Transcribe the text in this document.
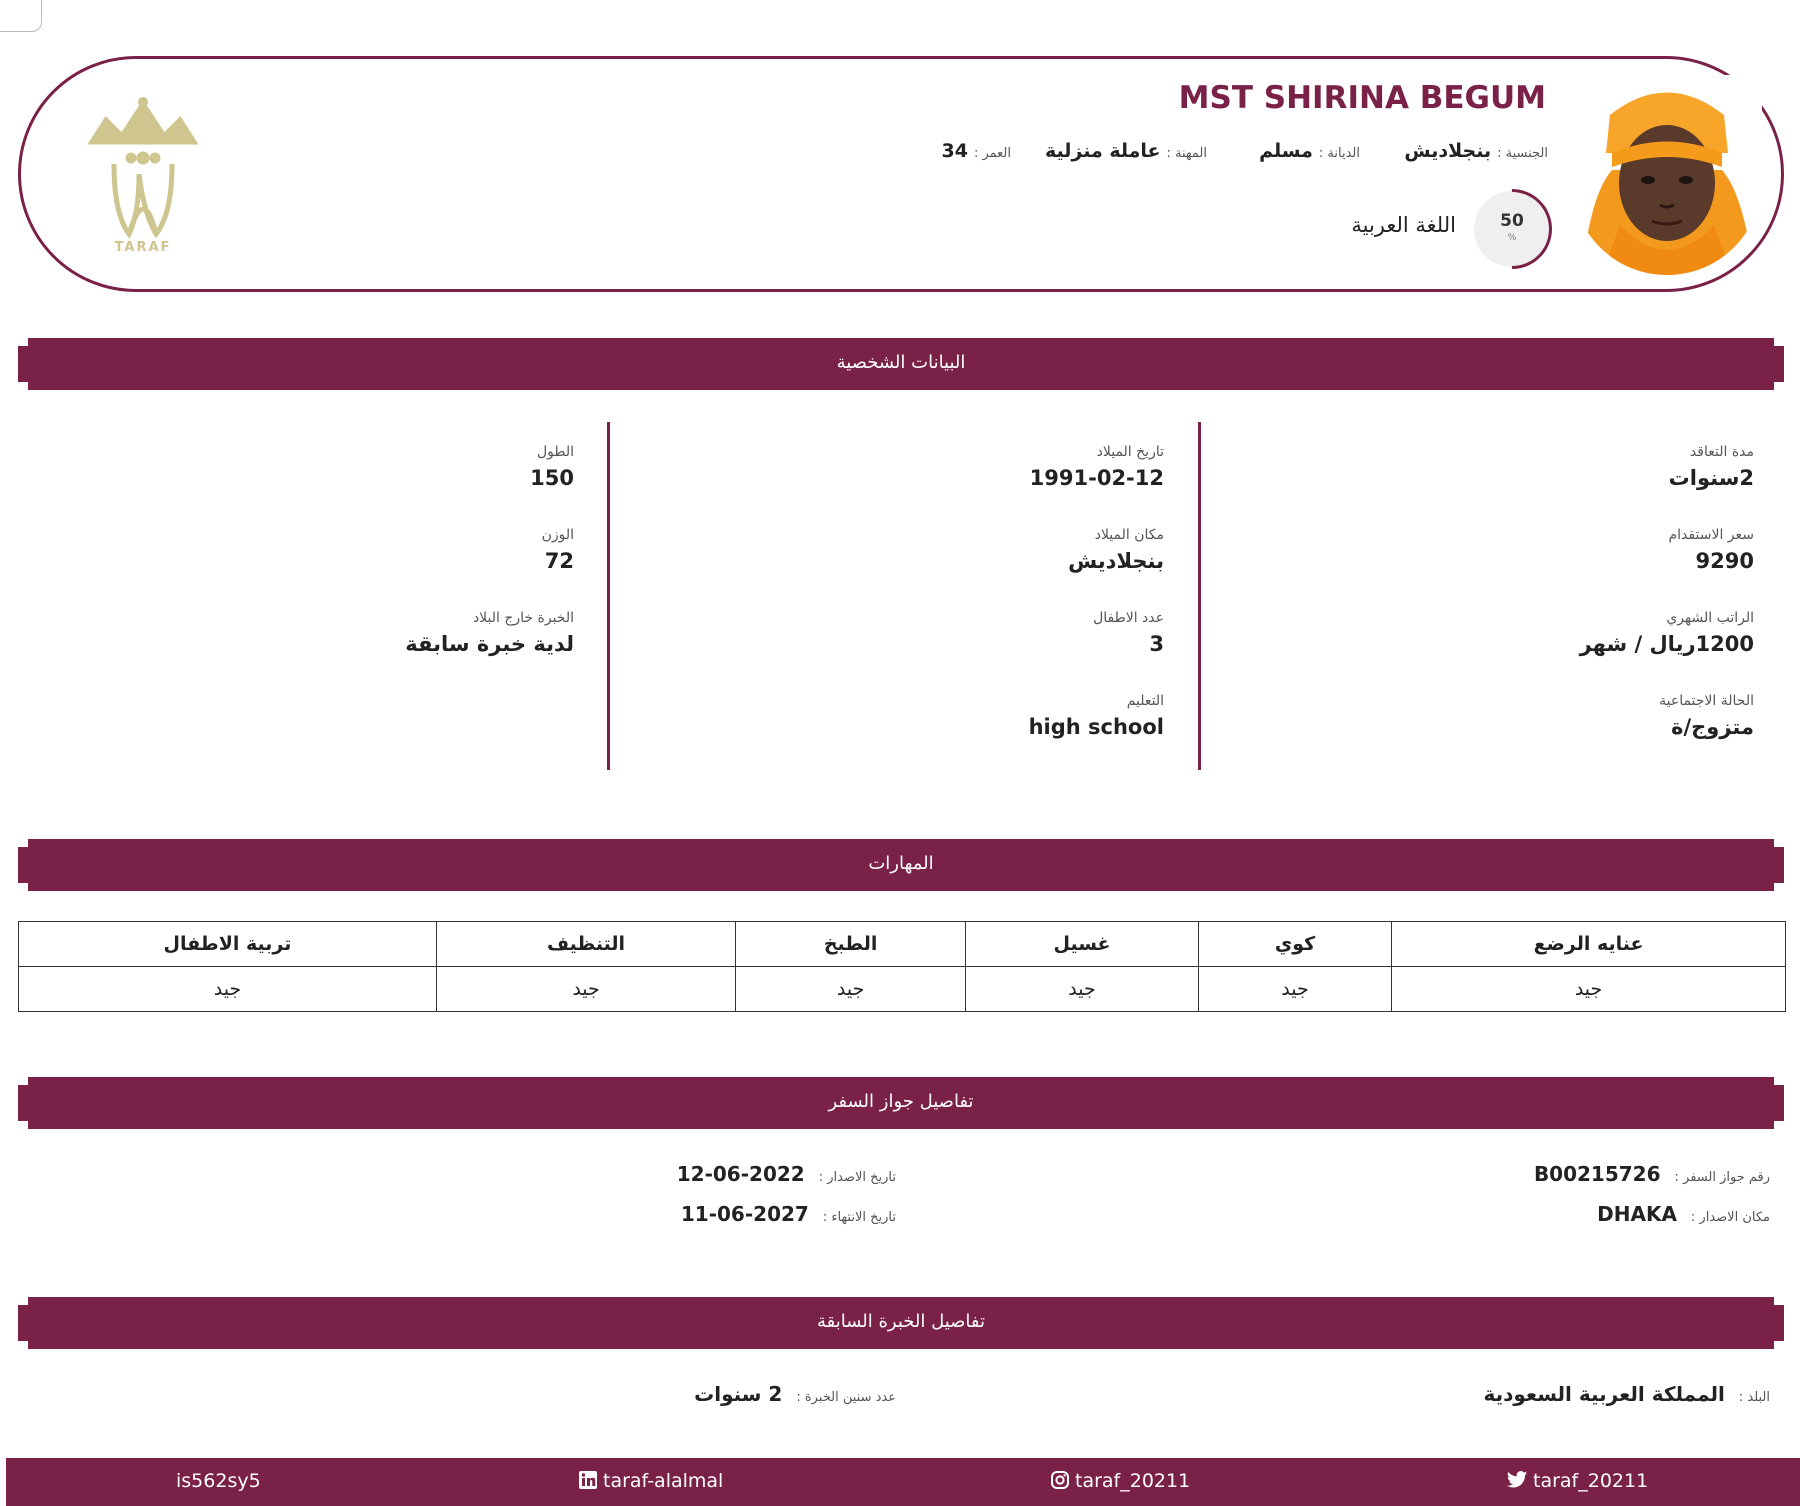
MST SHIRINA BEGUM
الجنسية :بنجلاديش
الديانة :مسلم
المهنة :عاملة منزلية
العمر :34
50
%
اللغة العربية
TARAF
البيانات الشخصية
مدة التعاقد
2سنوات
سعر الاستقدام
9290
الراتب الشهري
1200ريال / شهر
الحالة الاجتماعية
متزوج/ة
تاريخ الميلاد
1991-02-12
مكان الميلاد
بنجلاديش
عدد الاطفال
3
التعليم
high school
الطول
150
الوزن
72
الخبرة خارج البلاد
لدية خبرة سابقة
المهارات
عنايه الرضع	كوي	غسيل	الطبخ	التنظيف	تربية الاطفال
جيد	جيد	جيد	جيد	جيد	جيد
تفاصيل جواز السفر
رقم جواز السفر :B00215726
مكان الاصدار :DHAKA
تاريخ الاصدار :2022-06-12
تاريخ الانتهاء :2027-06-11
تفاصيل الخبرة السابقة
البلد :المملكة العربية السعودية
عدد سنين الخبرة :2 سنوات
is562sy5	taraf-alalmal	taraf_20211	taraf_20211
